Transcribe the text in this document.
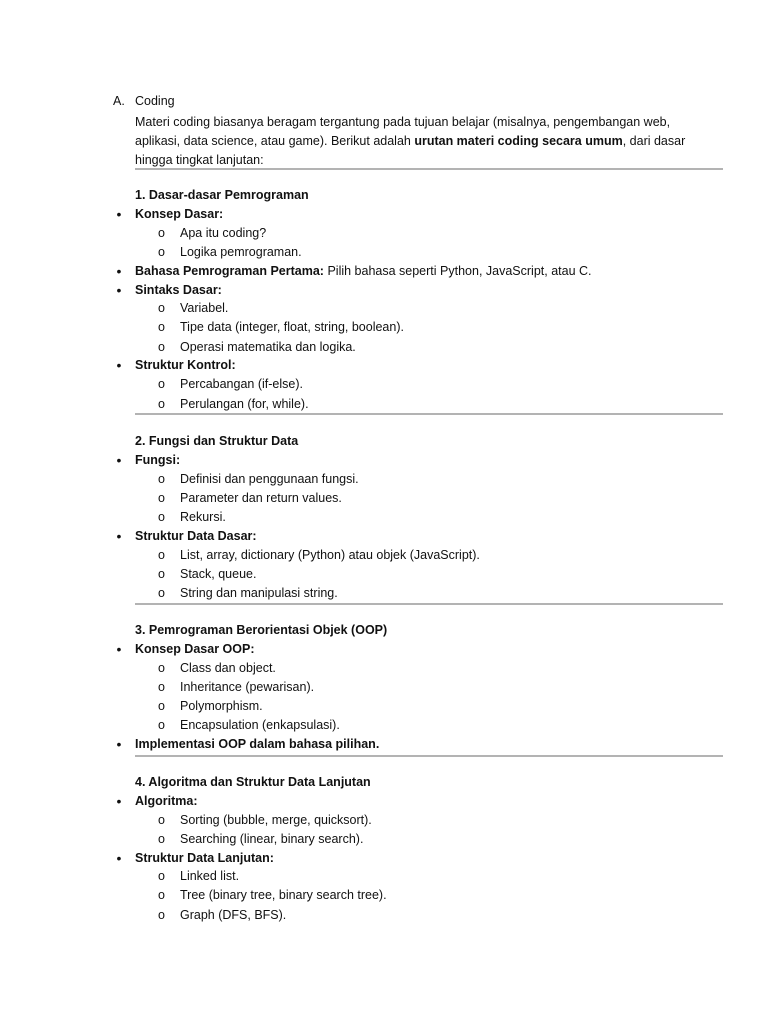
A. Coding
Materi coding biasanya beragam tergantung pada tujuan belajar (misalnya, pengembangan web, aplikasi, data science, atau game). Berikut adalah urutan materi coding secara umum, dari dasar hingga tingkat lanjutan:
1. Dasar-dasar Pemrograman
• Konsep Dasar:
o Apa itu coding?
o Logika pemrograman.
• Bahasa Pemrograman Pertama: Pilih bahasa seperti Python, JavaScript, atau C.
• Sintaks Dasar:
o Variabel.
o Tipe data (integer, float, string, boolean).
o Operasi matematika dan logika.
• Struktur Kontrol:
o Percabangan (if-else).
o Perulangan (for, while).
2. Fungsi dan Struktur Data
• Fungsi:
o Definisi dan penggunaan fungsi.
o Parameter dan return values.
o Rekursi.
• Struktur Data Dasar:
o List, array, dictionary (Python) atau objek (JavaScript).
o Stack, queue.
o String dan manipulasi string.
3. Pemrograman Berorientasi Objek (OOP)
• Konsep Dasar OOP:
o Class dan object.
o Inheritance (pewarisan).
o Polymorphism.
o Encapsulation (enkapsulasi).
• Implementasi OOP dalam bahasa pilihan.
4. Algoritma dan Struktur Data Lanjutan
• Algoritma:
o Sorting (bubble, merge, quicksort).
o Searching (linear, binary search).
• Struktur Data Lanjutan:
o Linked list.
o Tree (binary tree, binary search tree).
o Graph (DFS, BFS).
